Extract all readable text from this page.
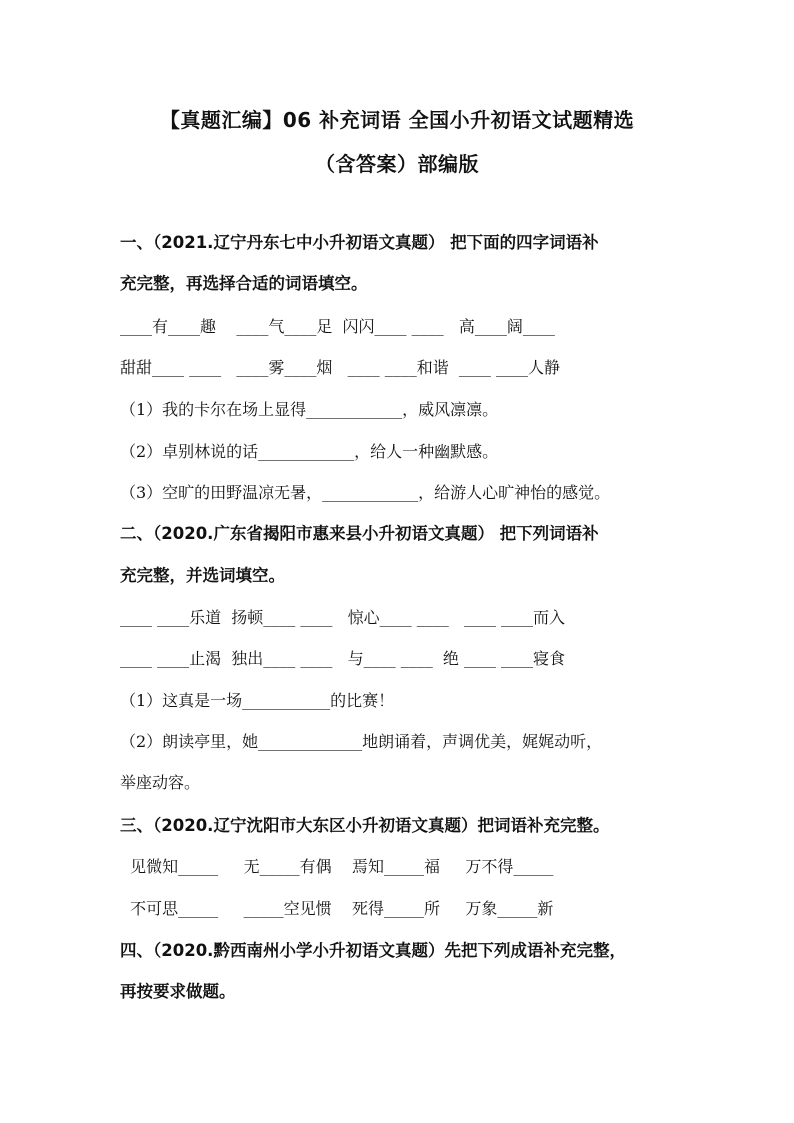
【真题汇编】06 补充词语 全国小升初语文试题精选
（含答案）部编版
一、（2021.辽宁丹东七中小升初语文真题） 把下面的四字词语补
充完整，再选择合适的词语填空。
____有____趣    ____气____足  闪闪____ ____   高____阔____
甜甜____ ____   ____雾____烟   ____ ____和谐  ____ ____人静
（1）我的卡尔在场上显得____________，威风凛凛。
（2）卓别林说的话____________，给人一种幽默感。
（3）空旷的田野温凉无暑，____________，给游人心旷神怡的感觉。
二、（2020.广东省揭阳市惠来县小升初语文真题） 把下列词语补
充完整，并选词填空。
____ ____乐道  扬顿____ ____   惊心____ ____   ____ ____而入
____ ____止渴  独出____ ____   与____ ____  绝 ____ ____寝食
（1）这真是一场___________的比赛！
（2）朗读亭里，她_____________地朗诵着，声调优美，娓娓动听，
举座动容。
三、（2020.辽宁沈阳市大东区小升初语文真题）把词语补充完整。
见微知_____     无_____有偶    焉知_____福     万不得_____
不可思_____     _____空见惯    死得_____所     万象_____新
四、（2020.黔西南州小学小升初语文真题）先把下列成语补充完整，
再按要求做题。
